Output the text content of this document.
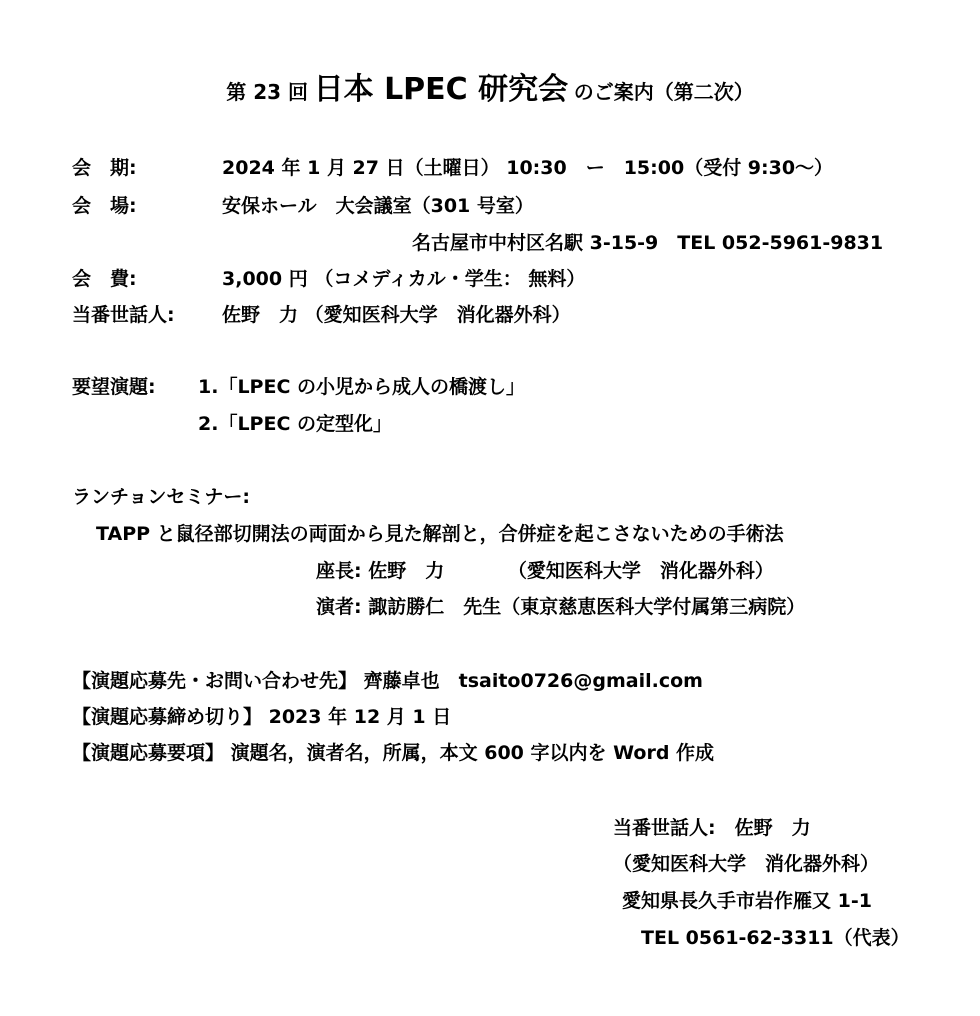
第 23 回 日本 LPEC 研究会 のご案内（第二次）
会　期:	2024 年 1 月 27 日（土曜日） 10:30　ー　15:00（受付 9:30～）
会　場:	安保ホール　大会議室（301 号室）
名古屋市中村区名駅 3-15-9　TEL 052-5961-9831
会　費:	3,000 円 （コメディカル・学生： 無料）
当番世話人: 佐野　力 （愛知医科大学　消化器外科）
要望演題: 1.「LPEC の小児から成人の橋渡し」
2.「LPEC の定型化」
ランチョンセミナー:
TAPP と鼠径部切開法の両面から見た解剖と，合併症を起こさないための手術法
座長: 佐野　力　　　 （愛知医科大学　消化器外科）
演者: 諏訪勝仁　先生（東京慈恵医科大学付属第三病院）
【演題応募先・お問い合わせ先】 齊藤卓也　tsaito0726@gmail.com
【演題応募締め切り】 2023 年 12 月 1 日
【演題応募要項】 演題名，演者名，所属，本文 600 字以内を Word 作成
当番世話人:　佐野　力
（愛知医科大学　消化器外科）
愛知県長久手市岩作雁又 1-1
TEL 0561-62-3311（代表）
